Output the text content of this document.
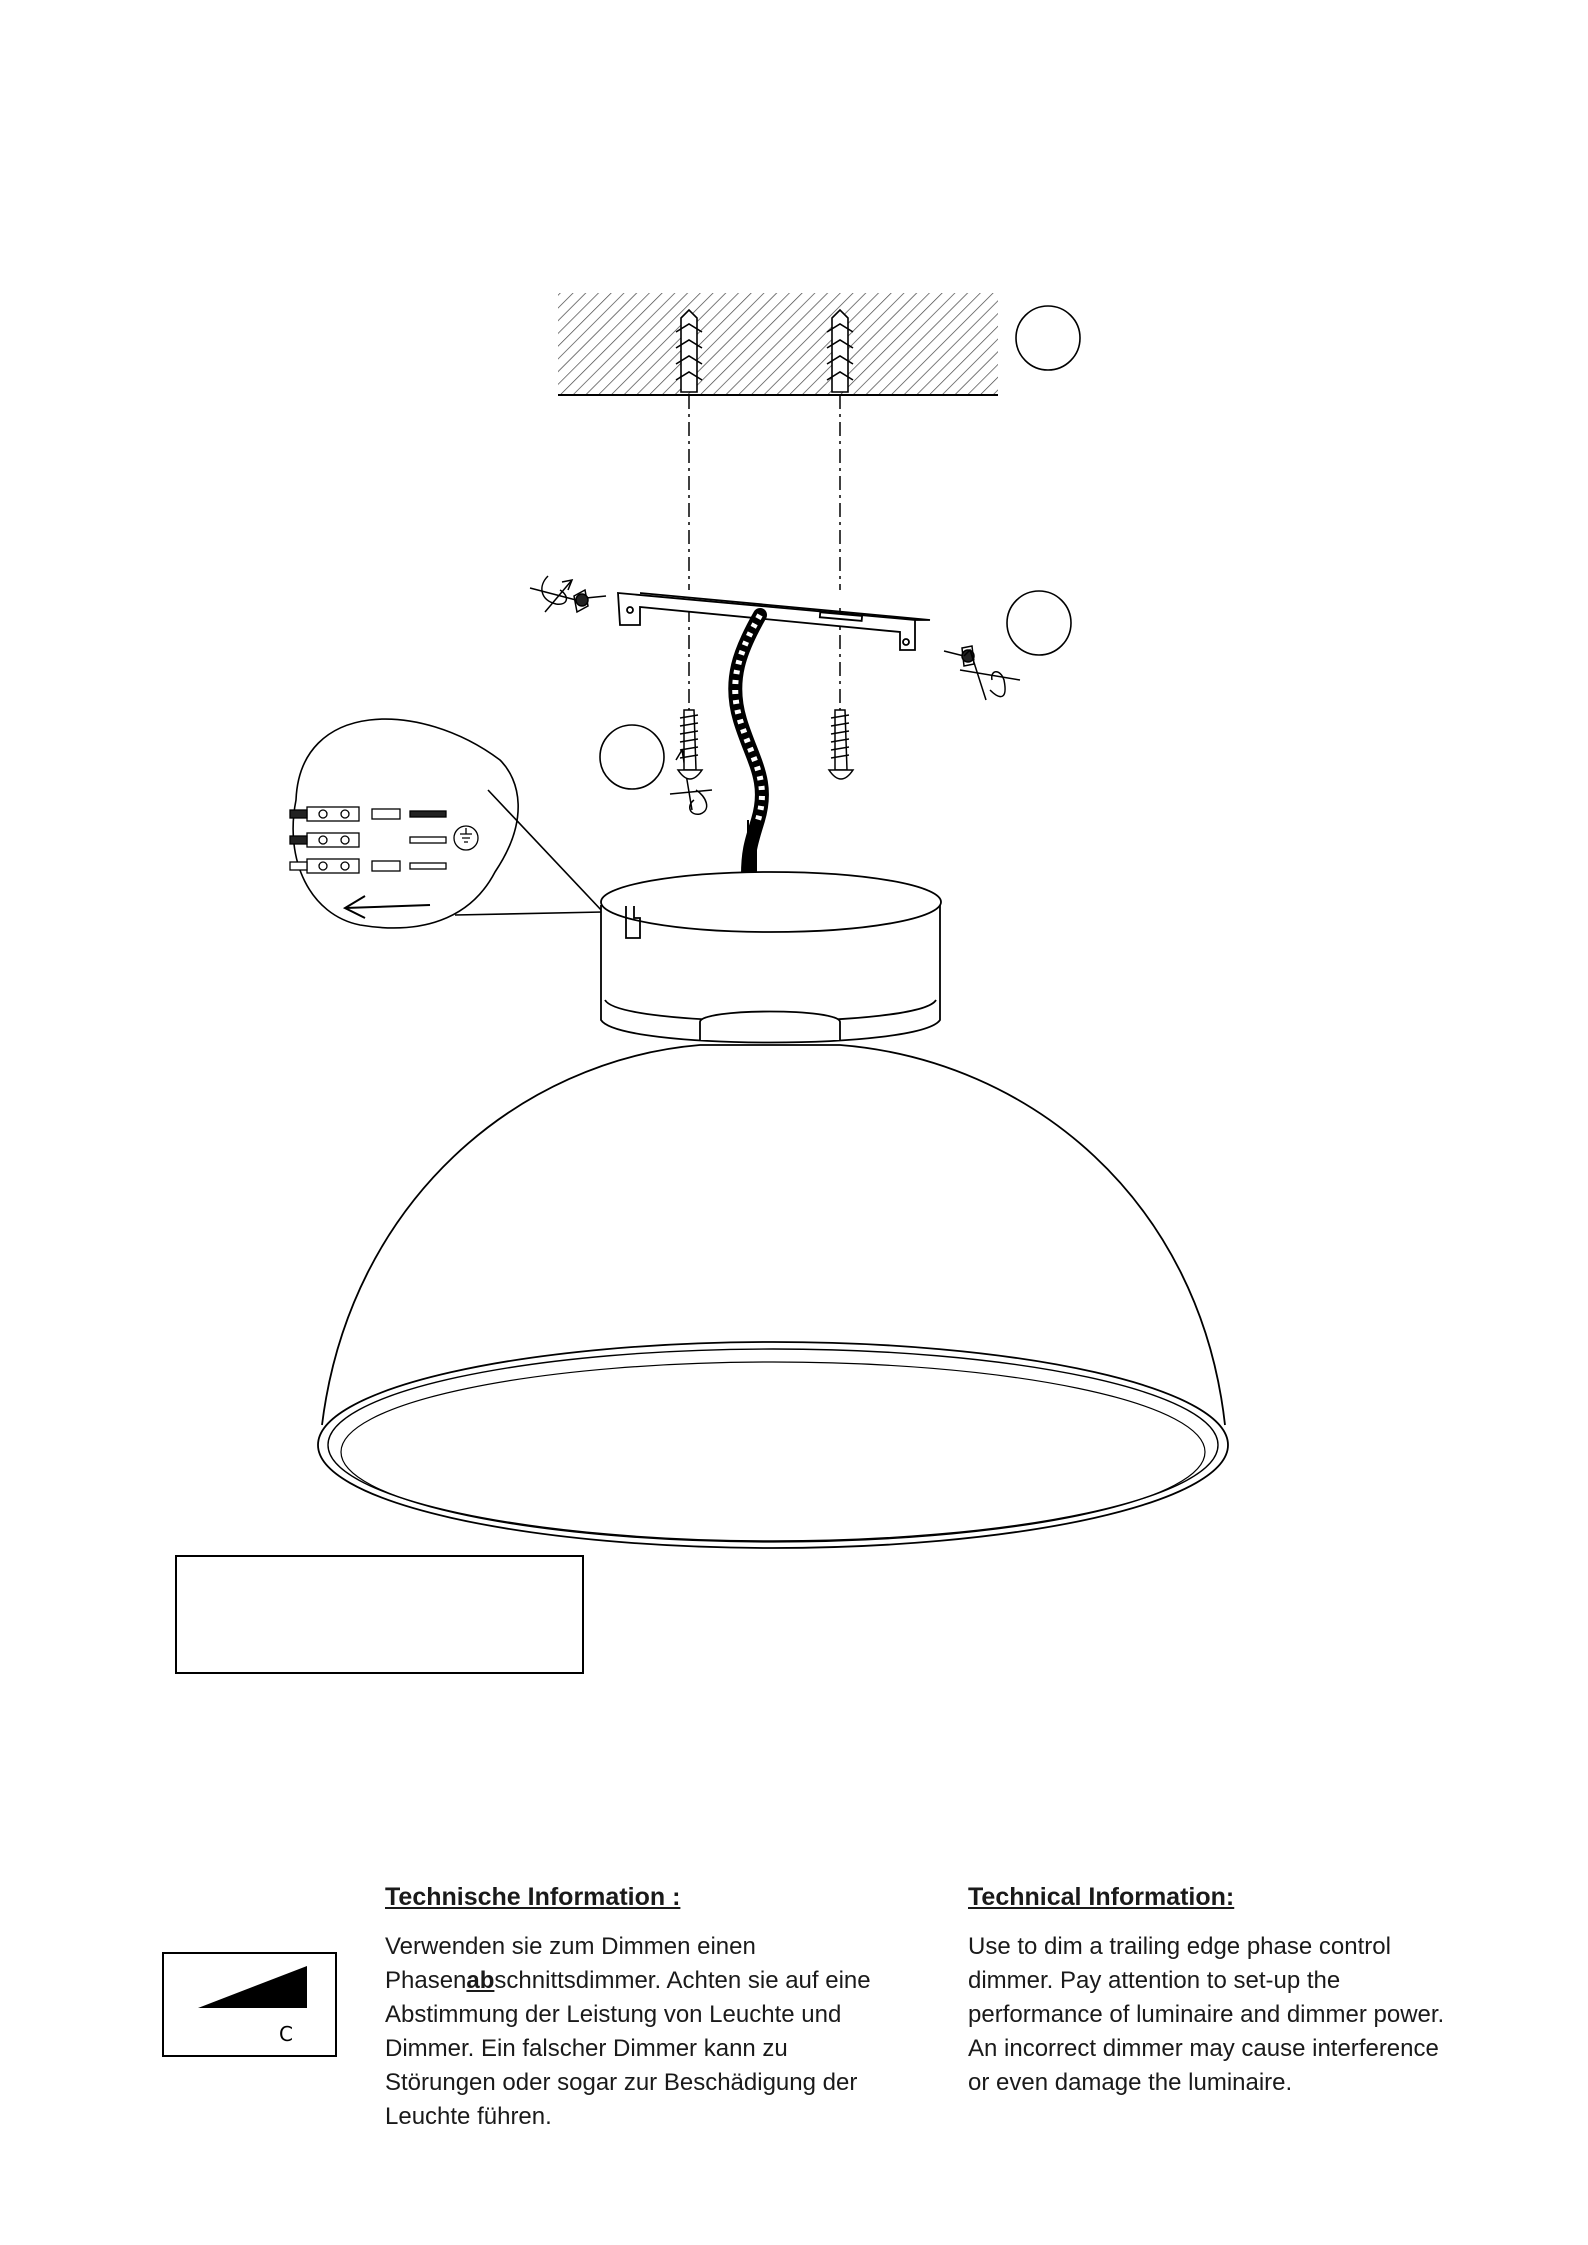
C
Technische Information :

Verwenden sie zum Dimmen einen
Phasenabschnittsdimmer. Achten sie auf eine
Abstimmung der Leistung von Leuchte und
Dimmer. Ein falscher Dimmer kann zu
Störungen oder sogar zur Beschädigung der
Leuchte führen.

Technical Information:

Use to dim a trailing edge phase control
dimmer. Pay attention to set-up the
performance of luminaire and dimmer power.
An incorrect dimmer may cause interference
or even damage the luminaire.
